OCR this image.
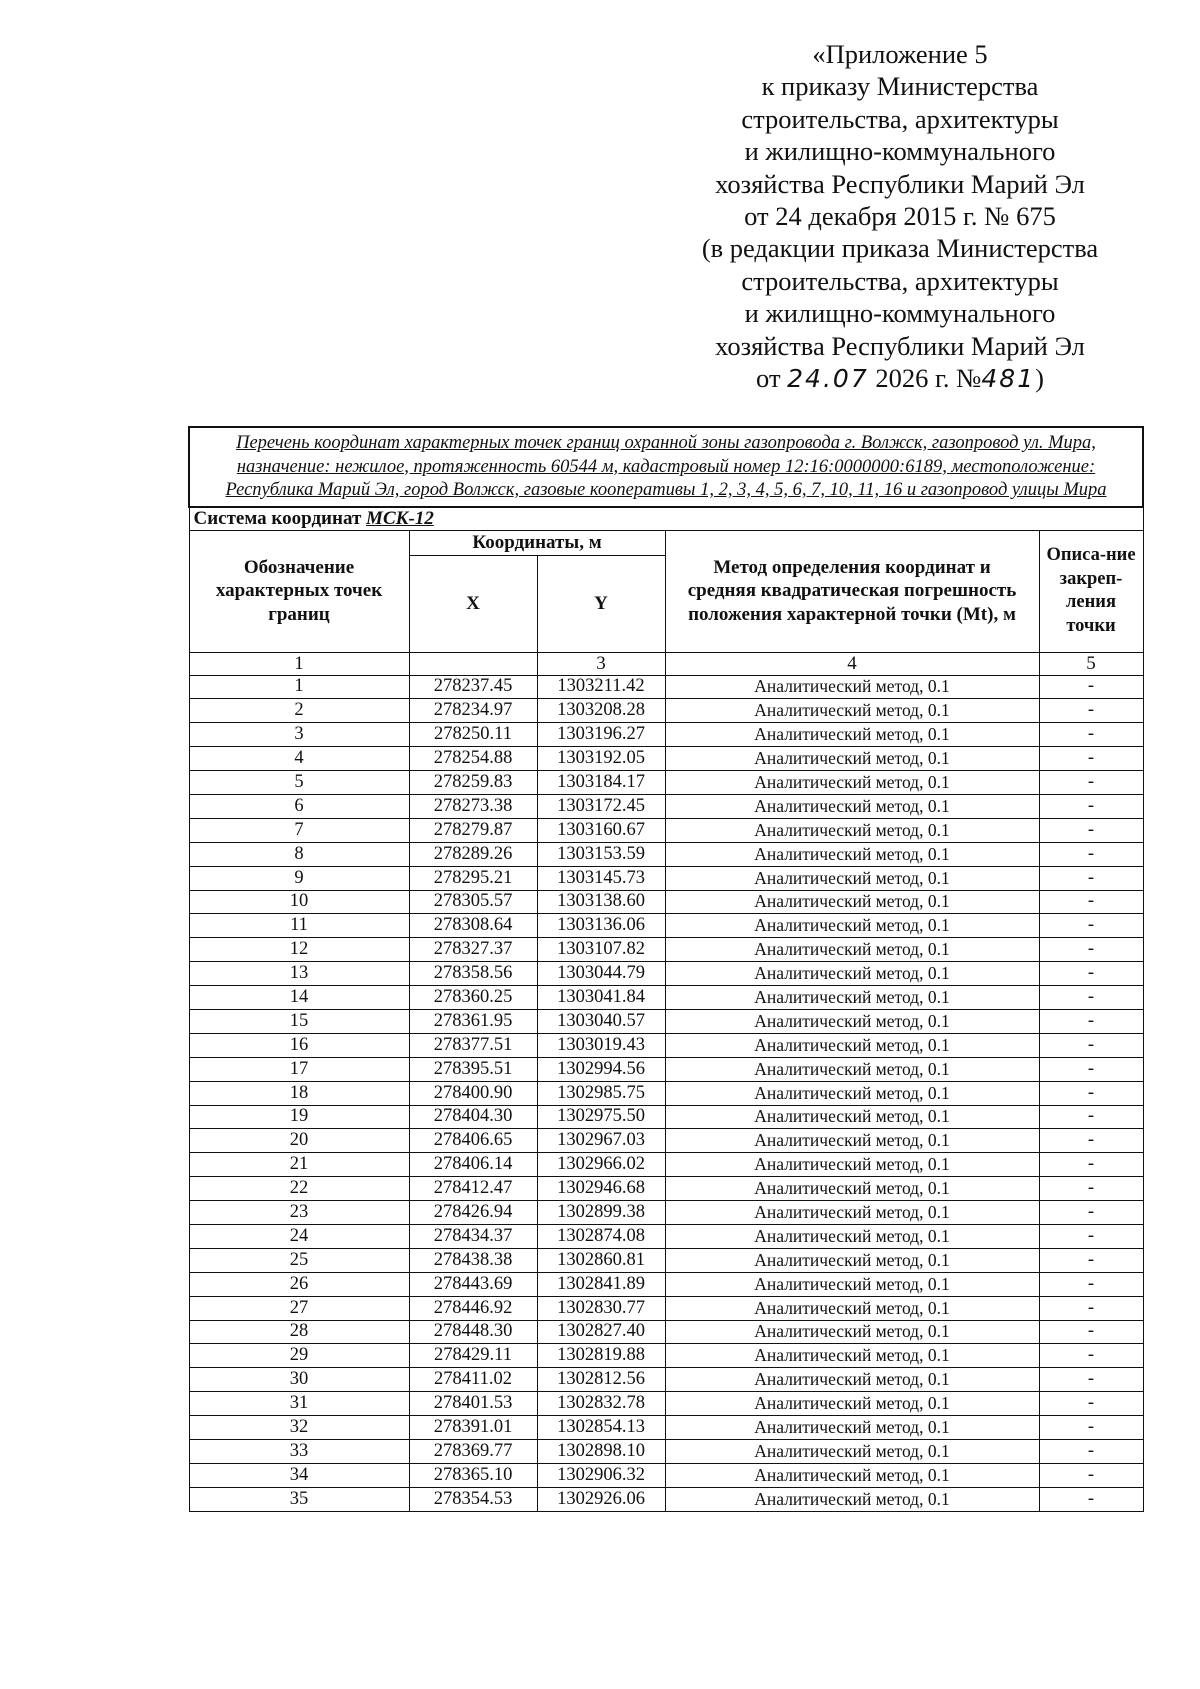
«Приложение 5
к приказу Министерства
строительства, архитектуры
и жилищно-коммунального
хозяйства Республики Марий Эл
от 24 декабря 2015 г. № 675
(в редакции приказа Министерства
строительства, архитектуры
и жилищно-коммунального
хозяйства Республики Марий Эл
от 24.07 2026 г. №481)
Перечень координат характерных точек границ охранной зоны газопровода г. Волжск, газопровод ул. Мира, назначение: нежилое, протяженность 60544 м, кадастровый номер 12:16:0000000:6189, местоположение: Республика Марий Эл, город Волжск, газовые кооперативы 1, 2, 3, 4, 5, 6, 7, 10, 11, 16 и газопровод улицы Мира				
Система координат МСК-12				
Обозначение характерных точек границ	Координаты, м		Метод определения координат и средняя квадратическая погрешность положения характерной точки (Mt), м	Описа-ние закреп-ления точки
	X	Y		
1		3	4	5
1	278237.45	1303211.42	Аналитический метод, 0.1	-
2	278234.97	1303208.28	Аналитический метод, 0.1	-
3	278250.11	1303196.27	Аналитический метод, 0.1	-
4	278254.88	1303192.05	Аналитический метод, 0.1	-
5	278259.83	1303184.17	Аналитический метод, 0.1	-
6	278273.38	1303172.45	Аналитический метод, 0.1	-
7	278279.87	1303160.67	Аналитический метод, 0.1	-
8	278289.26	1303153.59	Аналитический метод, 0.1	-
9	278295.21	1303145.73	Аналитический метод, 0.1	-
10	278305.57	1303138.60	Аналитический метод, 0.1	-
11	278308.64	1303136.06	Аналитический метод, 0.1	-
12	278327.37	1303107.82	Аналитический метод, 0.1	-
13	278358.56	1303044.79	Аналитический метод, 0.1	-
14	278360.25	1303041.84	Аналитический метод, 0.1	-
15	278361.95	1303040.57	Аналитический метод, 0.1	-
16	278377.51	1303019.43	Аналитический метод, 0.1	-
17	278395.51	1302994.56	Аналитический метод, 0.1	-
18	278400.90	1302985.75	Аналитический метод, 0.1	-
19	278404.30	1302975.50	Аналитический метод, 0.1	-
20	278406.65	1302967.03	Аналитический метод, 0.1	-
21	278406.14	1302966.02	Аналитический метод, 0.1	-
22	278412.47	1302946.68	Аналитический метод, 0.1	-
23	278426.94	1302899.38	Аналитический метод, 0.1	-
24	278434.37	1302874.08	Аналитический метод, 0.1	-
25	278438.38	1302860.81	Аналитический метод, 0.1	-
26	278443.69	1302841.89	Аналитический метод, 0.1	-
27	278446.92	1302830.77	Аналитический метод, 0.1	-
28	278448.30	1302827.40	Аналитический метод, 0.1	-
29	278429.11	1302819.88	Аналитический метод, 0.1	-
30	278411.02	1302812.56	Аналитический метод, 0.1	-
31	278401.53	1302832.78	Аналитический метод, 0.1	-
32	278391.01	1302854.13	Аналитический метод, 0.1	-
33	278369.77	1302898.10	Аналитический метод, 0.1	-
34	278365.10	1302906.32	Аналитический метод, 0.1	-
35	278354.53	1302926.06	Аналитический метод, 0.1	-
